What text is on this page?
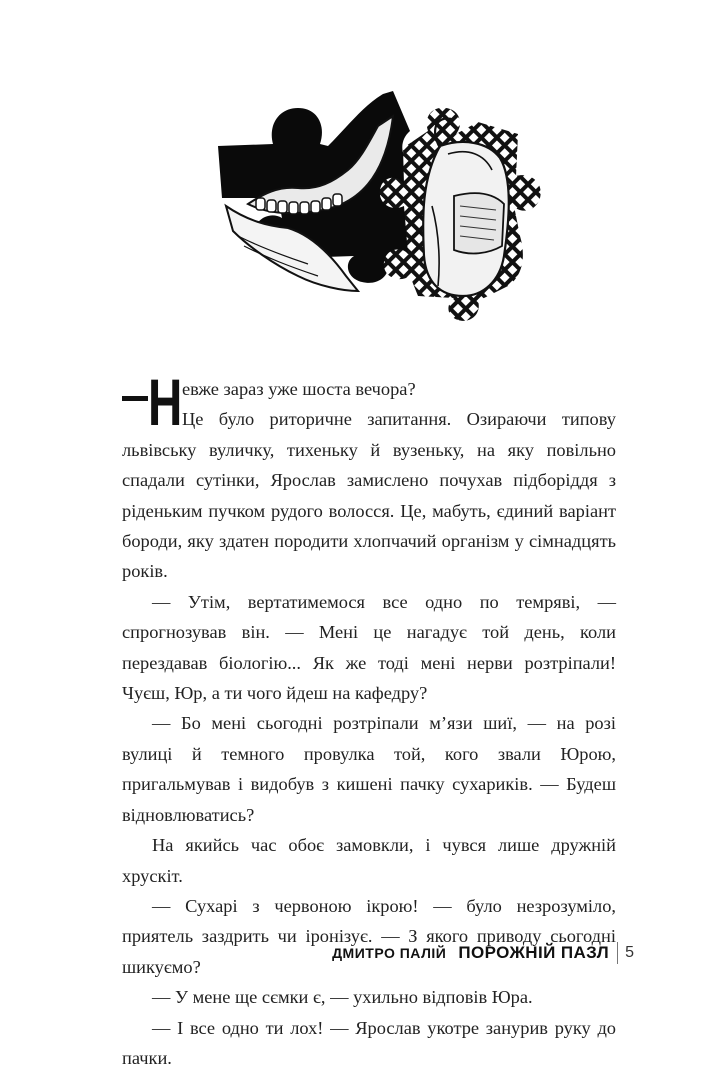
Н евже зараз уже шоста вечора?

Це було риторичне запитання. Озираючи типову львівську вуличку, тихеньку й вузеньку, на яку повільно спадали сутінки, Ярослав замислено почухав підборіддя з ріденьким пучком рудого волосся. Це, мабуть, єдиний варіант бороди, яку здатен породити хлопчачий організм у сімнадцять років.

— Утім, вертатимемося все одно по темряві, — спрогнозував він. — Мені це нагадує той день, коли перездавав біологію... Як же тоді мені нерви розтріпали! Чуєш, Юр, а ти чого йдеш на кафедру?

— Бо мені сьогодні розтріпали м’язи шиї, — на розі вулиці й темного провулка той, кого звали Юрою, пригальмував і видобув з кишені пачку сухариків. — Будеш відновлюватись?

На якийсь час обоє замовкли, і чувся лише дружній хрускіт.

— Сухарі з червоною ікрою! — було незрозуміло, приятель заздрить чи іронізує. — З якого приводу сьогодні шикуємо?

— У мене ще сємки є, — ухильно відповів Юра.

— І все одно ти лох! — Ярослав укотре занурив руку до пачки.

ДМИТРО ПАЛІЙ ПОРОЖНІЙ ПАЗЛ 5
